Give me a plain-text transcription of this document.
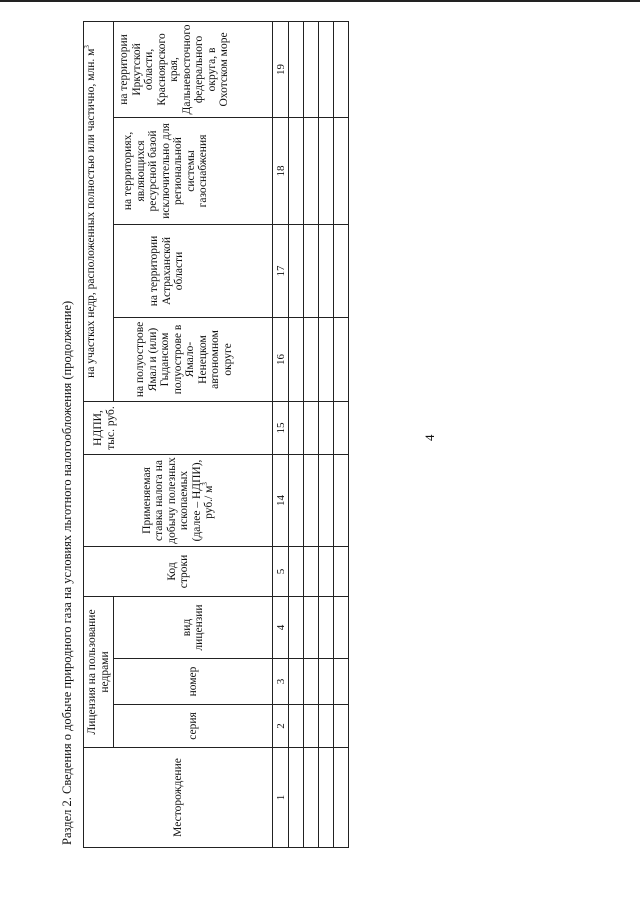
4
Раздел 2. Сведения о добыче природного газа на условиях льготного налогообложения (продолжение)	Месторождение	Лицензия на пользование недрами			Код строки	Применяемая ставка налога на добычу полезных ископаемых (далее – НДПИ), руб./ $м^3$	НДПИ, тыс. руб.	на участках недр, расположенных полностью или частично, млн. $м^3$
	серия	номер	вид лицензии				на полуострове Ямал и (или) Гыданском полуострове в Ямало-Ненецком автономном округе	на территории Астраханской области	на территориях, являющихся ресурсной базой исключительно для региональной системы газоснабжения	на территории Иркутской области, Красноярского края, Дальневосточного федерального округа, в Охотском море
1	2	3	4	5	14	15	16	17	18	19
